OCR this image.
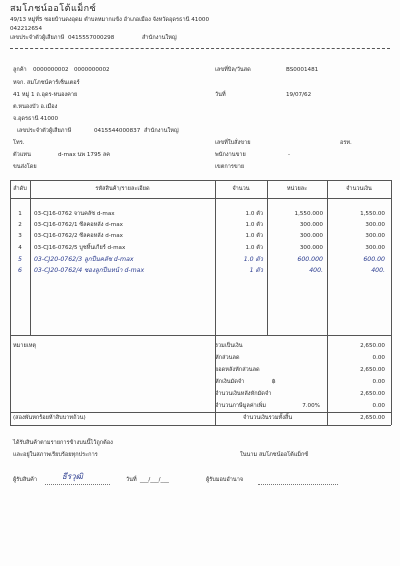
สมโภชน์ออโต้แม็กซ์
49/13 หมู่ที่5 ซอยบ้านดงอุดม ตำบลหมากแข้ง อำเภอเมือง จังหวัดอุดรธานี 41000
042212654
เลขประจำตัวผู้เสียภาษี 0415557000298	สำนักงานใหญ่
ลูกค้า 0000000002 0000000002
หจก. สมโภชน์คาร์เซ็นเตอร์
41 หมู่ 1 ถ.อุดร-หนองคาย
ต.หนองบัว อ.เมือง
จ.อุดรธานี 41000
เลขประจำตัวผู้เสียภาษี	0415544000837 สำนักงานใหญ่
โทร.
ตัวแทน	d-max นพ 1795 ลค
ขนส่งโดย
เลขที่บิล/วันสด	BS0001481
วันที่	19/07/62
เลขที่ใบสั่งขาย	อรท.
พนักงานขาย	-
เขตการขาย
ลำดับ	รหัสสินค้า/รายละเอียด	จำนวน	หน่วยละ	จำนวนเงิน
1	03-CJ16-0762 จานคลัช d-max	1.0 ตัว	1,550.000	1,550.00
2	03-CJ16-0762/1 ซีลคอหลัง d-max	1.0 ตัว	300.000	300.00
3	03-CJ16-0762/2 ซีลคอหลัง d-max	1.0 ตัว	300.000	300.00
4	03-CJ16-0762/5 บูชหิ้นเกียร์ d-max	1.0 ตัว	300.000	300.00
5	03-CJ20-0762/3 ลูกปืนคลัช d-max	1.0 ตัว	600.000	600.00
6	03-CJ20-0762/4 ซองลูกปืนหน้า d-max	1 ตัว	400.	400.
หมายเหตุ	รวมเป็นเงิน	2,650.00
หักส่วนลด	0.00
ยอดหลังหักส่วนลด	2,650.00
หักเงินมัดจำ	฿	0.00
จำนวนเงินหลังหักมัดจำ	2,650.00
จำนวนภาษีมูลค่าเพิ่ม	7.00%	0.00
(สองพันหกร้อยห้าสิบบาทถ้วน)	จำนวนเงินรวมทั้งสิ้น	2,650.00
ได้รับสินค้าตามรายการข้างบนนี้ไว้ถูกต้อง
และอยู่ในสภาพเรียบร้อยทุกประการ	ในนาม สมโภชน์ออโต้แม็กซ์
ผู้รับสินค้า	ธีรวุฒิ	วันที่ ___/___/___	ผู้รับมอบอำนาจ
